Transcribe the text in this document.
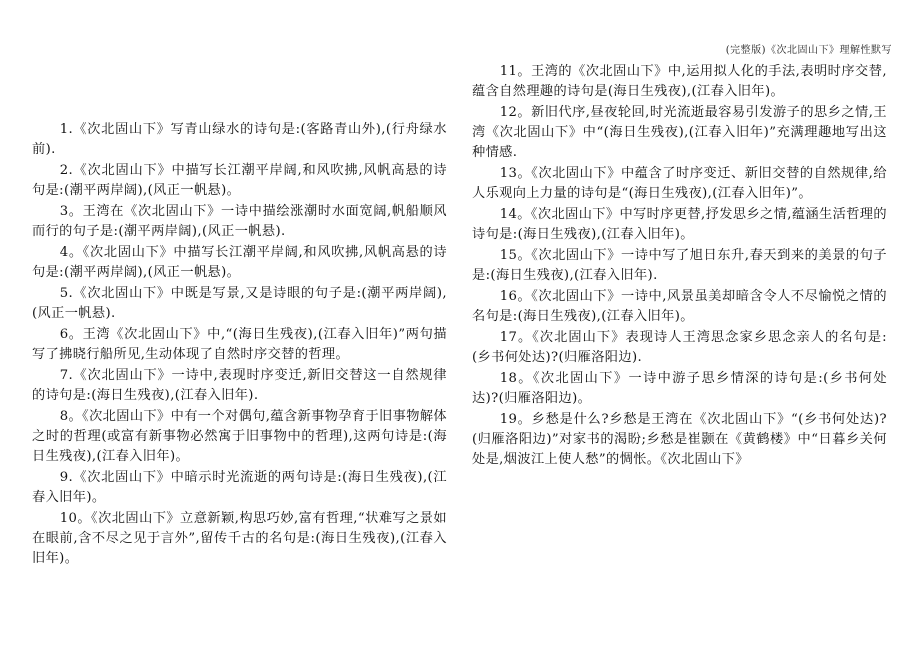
(完整版)《次北固山下》理解性默写

1.《次北固山下》写青山绿水的诗句是:(客路青山外),(行舟绿水前).

2.《次北固山下》中描写长江潮平岸阔,和风吹拂,风帆高悬的诗句是:(潮平两岸阔),(风正一帆悬)。

3。王湾在《次北固山下》一诗中描绘涨潮时水面宽阔,帆船顺风而行的句子是:(潮平两岸阔),(风正一帆悬).

4。《次北固山下》中描写长江潮平岸阔,和风吹拂,风帆高悬的诗句是:(潮平两岸阔),(风正一帆悬)。

5.《次北固山下》中既是写景,又是诗眼的句子是:(潮平两岸阔),(风正一帆悬).

6。王湾《次北固山下》中,“(海日生残夜),(江春入旧年)”两句描写了拂晓行船所见,生动体现了自然时序交替的哲理。

7.《次北固山下》一诗中,表现时序变迁,新旧交替这一自然规律的诗句是:(海日生残夜),(江春入旧年).

8。《次北固山下》中有一个对偶句,蕴含新事物孕育于旧事物解体之时的哲理(或富有新事物必然寓于旧事物中的哲理),这两句诗是:(海日生残夜),(江春入旧年)。

9.《次北固山下》中暗示时光流逝的两句诗是:(海日生残夜),(江春入旧年)。

10。《次北固山下》立意新颖,构思巧妙,富有哲理,“状难写之景如在眼前,含不尽之见于言外”,留传千古的名句是:(海日生残夜),(江春入旧年)。

11。王湾的《次北固山下》中,运用拟人化的手法,表明时序交替,蕴含自然理趣的诗句是(海日生残夜),(江春入旧年)。

12。新旧代序,昼夜轮回,时光流逝最容易引发游子的思乡之情,王湾《次北固山下》中“(海日生残夜),(江春入旧年)”充满理趣地写出这种情感.

13。《次北固山下》中蕴含了时序变迁、新旧交替的自然规律,给人乐观向上力量的诗句是“(海日生残夜),(江春入旧年)”。

14。《次北固山下》中写时序更替,抒发思乡之情,蕴涵生活哲理的诗句是:(海日生残夜),(江春入旧年)。

15。《次北固山下》一诗中写了旭日东升,春天到来的美景的句子是:(海日生残夜),(江春入旧年).

16。《次北固山下》一诗中,风景虽美却暗含令人不尽愉悦之情的名句是:(海日生残夜),(江春入旧年)。

17。《次北固山下》表现诗人王湾思念家乡思念亲人的名句是:(乡书何处达)?(归雁洛阳边).

18。《次北固山下》一诗中游子思乡情深的诗句是:(乡书何处达)?(归雁洛阳边)。

19。乡愁是什么?乡愁是王湾在《次北固山下》“(乡书何处达)?(归雁洛阳边)”对家书的渴盼;乡愁是崔颢在《黄鹤楼》中“日暮乡关何处是,烟波江上使人愁”的惆怅。《次北固山下》
